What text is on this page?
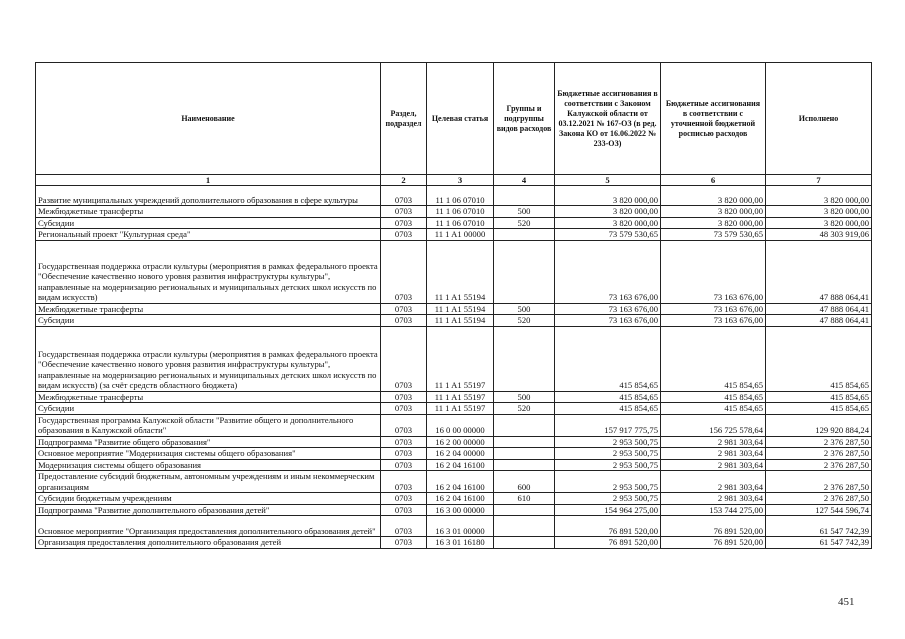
Наименование	Раздел, подраздел	Целевая статья	Группы и подгруппы видов расходов	Бюджетные ассигнования в соответствии с Законом Калужской области от 03.12.2021 № 167-ОЗ (в ред. Закона КО от 16.06.2022 № 233-ОЗ)	Бюджетные ассигнования в соответствии с уточненной бюджетной росписью расходов	Исполнено
1	2	3	4	5	6	7
Развитие муниципальных учреждений дополнительного образования в сфере культуры	0703	11 1 06 07010		3 820 000,00	3 820 000,00	3 820 000,00
Межбюджетные трансферты	0703	11 1 06 07010	500	3 820 000,00	3 820 000,00	3 820 000,00
Субсидии	0703	11 1 06 07010	520	3 820 000,00	3 820 000,00	3 820 000,00
Региональный проект "Культурная среда"	0703	11 1 A1 00000		73 579 530,65	73 579 530,65	48 303 919,06
Государственная поддержка отрасли культуры (мероприятия в рамках федерального проекта "Обеспечение качественно нового уровня развития инфраструктуры культуры", направленные на модернизацию региональных и муниципальных детских школ искусств по видам искусств)	0703	11 1 A1 55194		73 163 676,00	73 163 676,00	47 888 064,41
Межбюджетные трансферты	0703	11 1 A1 55194	500	73 163 676,00	73 163 676,00	47 888 064,41
Субсидии	0703	11 1 A1 55194	520	73 163 676,00	73 163 676,00	47 888 064,41
Государственная поддержка отрасли культуры (мероприятия в рамках федерального проекта "Обеспечение качественно нового уровня развития инфраструктуры культуры", направленные на модернизацию региональных и муниципальных детских школ искусств по видам искусств) (за счёт средств областного бюджета)	0703	11 1 A1 55197		415 854,65	415 854,65	415 854,65
Межбюджетные трансферты	0703	11 1 A1 55197	500	415 854,65	415 854,65	415 854,65
Субсидии	0703	11 1 A1 55197	520	415 854,65	415 854,65	415 854,65
Государственная программа Калужской области "Развитие общего и дополнительного образования в Калужской области"	0703	16 0 00 00000		157 917 775,75	156 725 578,64	129 920 884,24
Подпрограмма "Развитие общего образования"	0703	16 2 00 00000		2 953 500,75	2 981 303,64	2 376 287,50
Основное мероприятие "Модернизация системы общего образования"	0703	16 2 04 00000		2 953 500,75	2 981 303,64	2 376 287,50
Модернизация системы общего образования	0703	16 2 04 16100		2 953 500,75	2 981 303,64	2 376 287,50
Предоставление субсидий бюджетным, автономным учреждениям и иным некоммерческим организациям	0703	16 2 04 16100	600	2 953 500,75	2 981 303,64	2 376 287,50
Субсидии бюджетным учреждениям	0703	16 2 04 16100	610	2 953 500,75	2 981 303,64	2 376 287,50
Подпрограмма "Развитие дополнительного образования детей"	0703	16 3 00 00000		154 964 275,00	153 744 275,00	127 544 596,74
Основное мероприятие "Организация предоставления дополнительного образования детей"	0703	16 3 01 00000		76 891 520,00	76 891 520,00	61 547 742,39
Организация предоставления дополнительного образования детей	0703	16 3 01 16180		76 891 520,00	76 891 520,00	61 547 742,39
451
